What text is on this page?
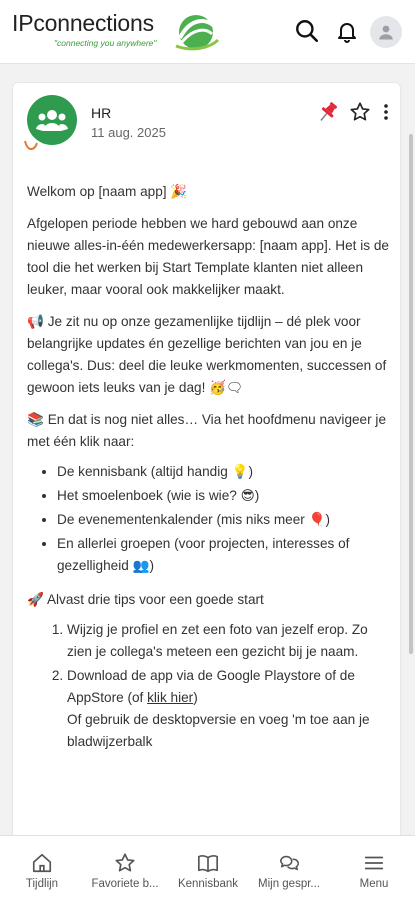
IPconnections
"connecting you anywhere"
HR
11 aug. 2025

Welkom op [naam app] 🎉

Afgelopen periode hebben we hard gebouwd aan onze nieuwe alles-in-één medewerkersapp: [naam app]. Het is de tool die het werken bij Start Template klanten niet alleen leuker, maar vooral ook makkelijker maakt.

📢 Je zit nu op onze gezamenlijke tijdlijn – dé plek voor belangrijke updates én gezellige berichten van jou en je collega's. Dus: deel die leuke werkmomenten, successen of gewoon iets leuks van je dag! 🥳🗨

📚 En dat is nog niet alles… Via het hoofdmenu navigeer je met één klik naar:

• De kennisbank (altijd handig 💡)
• Het smoelenboek (wie is wie? 😎)
• De evenementenkalender (mis niks meer 🎈)
• En allerlei groepen (voor projecten, interesses of gezelligheid 👥)

🚀 Alvast drie tips voor een goede start

1. Wijzig je profiel en zet een foto van jezelf erop. Zo zien je collega's meteen een gezicht bij je naam.
2. Download de app via de Google Playstore of de AppStore (of klik hier)
Of gebruik de desktopversie en voeg 'm toe aan je bladwijzerbalk
Tijdlijn	Favoriete b... Kennisbank Mijn gespr...	Menu
